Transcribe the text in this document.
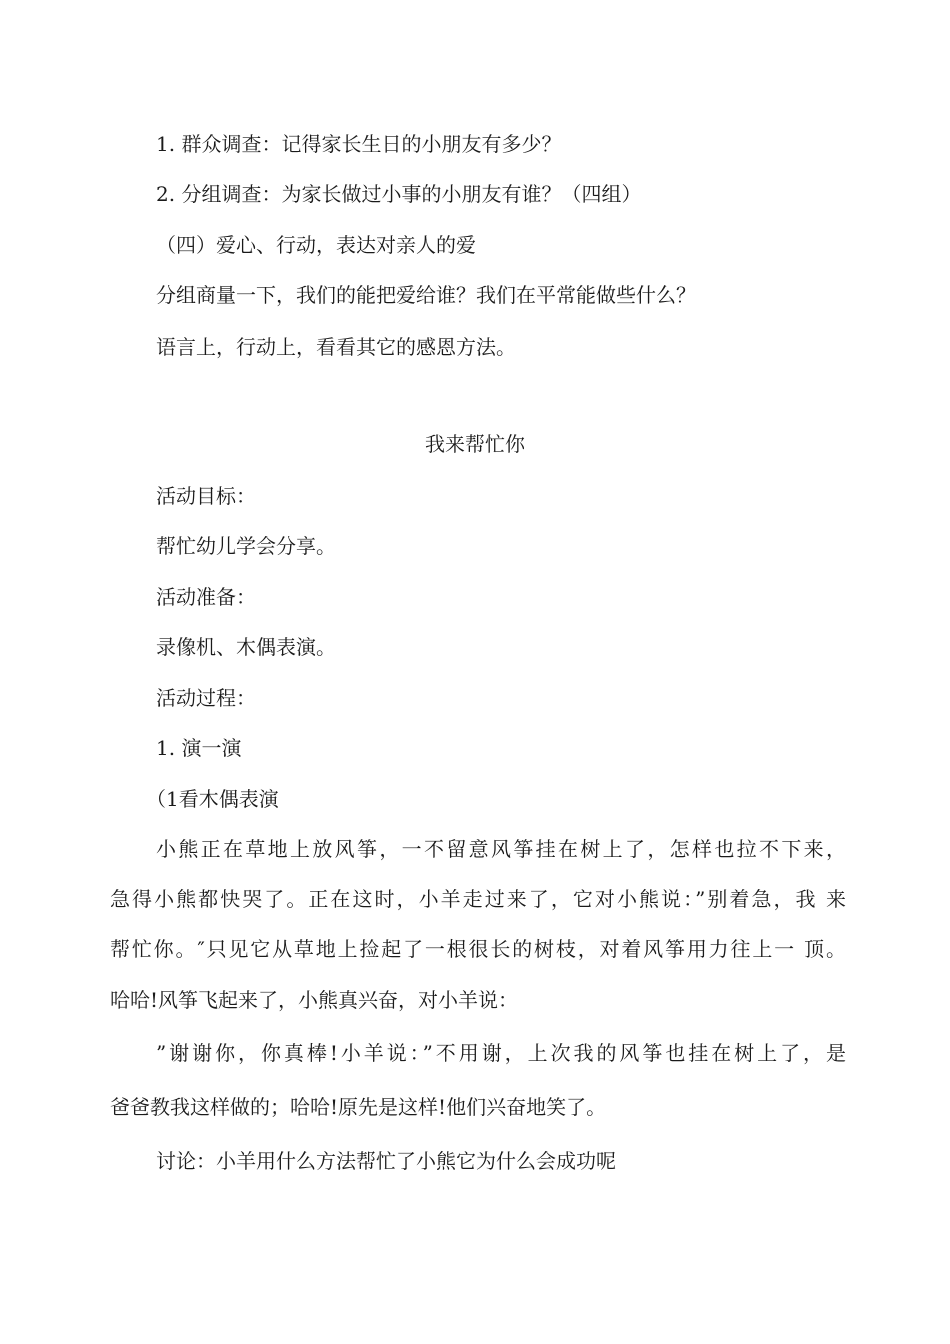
1. 群众调查：记得家长生日的小朋友有多少？
2. 分组调查：为家长做过小事的小朋友有谁？（四组）
（四）爱心、行动，表达对亲人的爱
分组商量一下，我们的能把爱给谁？我们在平常能做些什么？
语言上，行动上，看看其它的感恩方法。
我来帮忙你
活动目标：
帮忙幼儿学会分享。
活动准备：
录像机、木偶表演。
活动过程：
1. 演一演
（1看木偶表演
小熊正在草地上放风筝，一不留意风筝挂在树上了，怎样也拉不下来，
急得小熊都快哭了。正在这时，小羊走过来了，它对小熊说：”别着急，我 来
帮忙你。″只见它从草地上捡起了一根很长的树枝，对着风筝用力往上一 顶。
哈哈!风筝飞起来了，小熊真兴奋，对小羊说：
”谢谢你，你真棒!小羊说：”不用谢，上次我的风筝也挂在树上了，是
爸爸教我这样做的；哈哈!原先是这样!他们兴奋地笑了。
讨论：小羊用什么方法帮忙了小熊它为什么会成功呢
